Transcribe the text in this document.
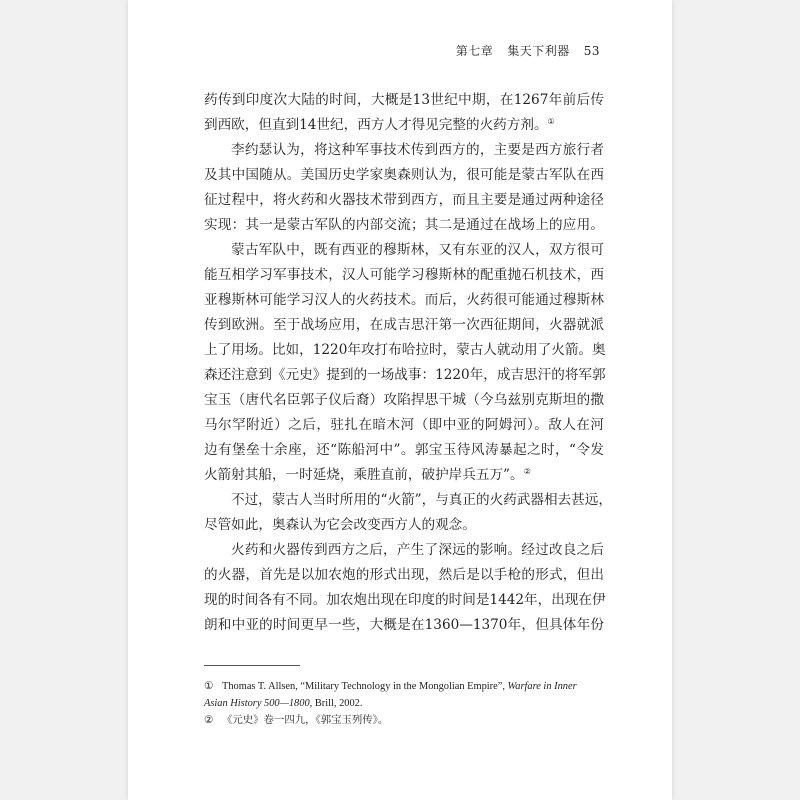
第七章 集天下利器 53
药传到印度次大陆的时间，大概是13世纪中期，在1267年前后传
到西欧，但直到14世纪，西方人才得见完整的火药方剂。①
李约瑟认为，将这种军事技术传到西方的，主要是西方旅行者
及其中国随从。美国历史学家奥森则认为，很可能是蒙古军队在西
征过程中，将火药和火器技术带到西方，而且主要是通过两种途径
实现：其一是蒙古军队的内部交流；其二是通过在战场上的应用。
蒙古军队中，既有西亚的穆斯林，又有东亚的汉人，双方很可
能互相学习军事技术，汉人可能学习穆斯林的配重抛石机技术，西
亚穆斯林可能学习汉人的火药技术。而后，火药很可能通过穆斯林
传到欧洲。至于战场应用，在成吉思汗第一次西征期间，火器就派
上了用场。比如，1220年攻打布哈拉时，蒙古人就动用了火箭。奥
森还注意到《元史》提到的一场战事：1220年，成吉思汗的将军郭
宝玉（唐代名臣郭子仪后裔）攻陷捍思干城（今乌兹别克斯坦的撒
马尔罕附近）之后，驻扎在暗木河（即中亚的阿姆河）。敌人在河
边有堡垒十余座，还“陈船河中”。郭宝玉待风涛暴起之时，“令发
火箭射其船，一时延烧，乘胜直前，破护岸兵五万”。②
不过，蒙古人当时所用的“火箭”，与真正的火药武器相去甚远，
尽管如此，奥森认为它会改变西方人的观念。
火药和火器传到西方之后，产生了深远的影响。经过改良之后
的火器，首先是以加农炮的形式出现，然后是以手枪的形式，但出
现的时间各有不同。加农炮出现在印度的时间是1442年，出现在伊
朗和中亚的时间更早一些，大概是在1360—1370年，但具体年份
① Thomas T. Allsen, “Military Technology in the Mongolian Empire”, Warfare in Inner
Asian History 500—1800, Brill, 2002.
② 《元史》卷一四九，《郭宝玉列传》。
